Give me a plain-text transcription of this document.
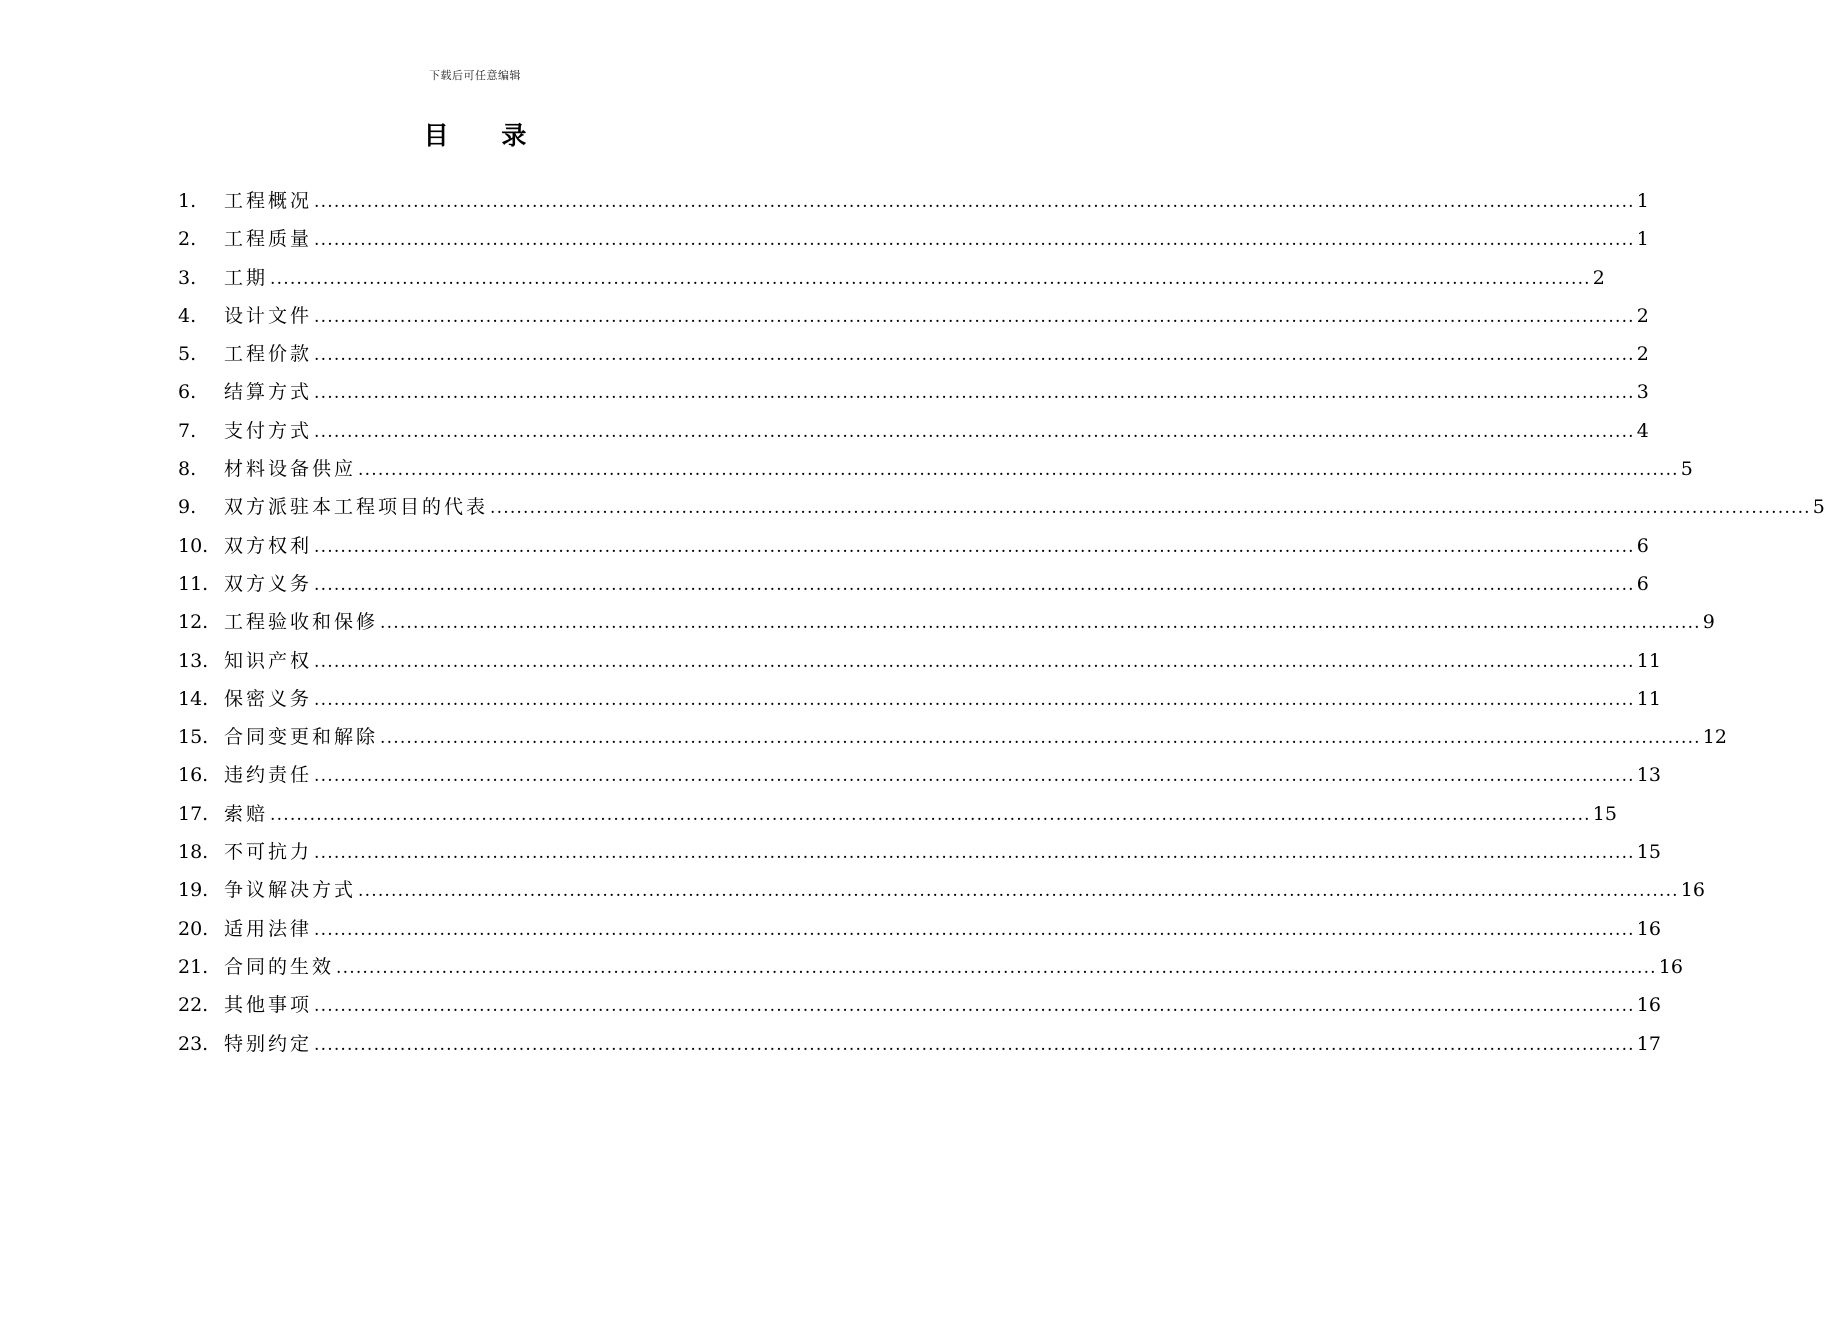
下载后可任意编辑
目 录
1.	工程概况 ........................................................................................................................................................................................................ 1
2.	工程质量 ........................................................................................................................................................................................................ 1
3.	工期 ........................................................................................................................................................................................................ 2
4.	设计文件 ........................................................................................................................................................................................................ 2
5.	工程价款 ........................................................................................................................................................................................................ 2
6.	结算方式 ........................................................................................................................................................................................................ 3
7.	支付方式 ........................................................................................................................................................................................................ 4
8.	材料设备供应 ........................................................................................................................................................................................................ 5
9.	双方派驻本工程项目的代表 ........................................................................................................................................................................................................ 5
10. 双方权利 ........................................................................................................................................................................................................ 6
11. 双方义务 ........................................................................................................................................................................................................ 6
12. 工程验收和保修 ........................................................................................................................................................................................................ 9
13. 知识产权 ........................................................................................................................................................................................................ 11
14. 保密义务 ........................................................................................................................................................................................................ 11
15. 合同变更和解除 ........................................................................................................................................................................................................ 12
16. 违约责任 ........................................................................................................................................................................................................ 13
17. 索赔 ........................................................................................................................................................................................................ 15
18. 不可抗力 ........................................................................................................................................................................................................ 15
19. 争议解决方式 ........................................................................................................................................................................................................ 16
20. 适用法律 ........................................................................................................................................................................................................ 16
21. 合同的生效 ........................................................................................................................................................................................................ 16
22. 其他事项 ........................................................................................................................................................................................................ 16
23. 特别约定 ........................................................................................................................................................................................................ 17
